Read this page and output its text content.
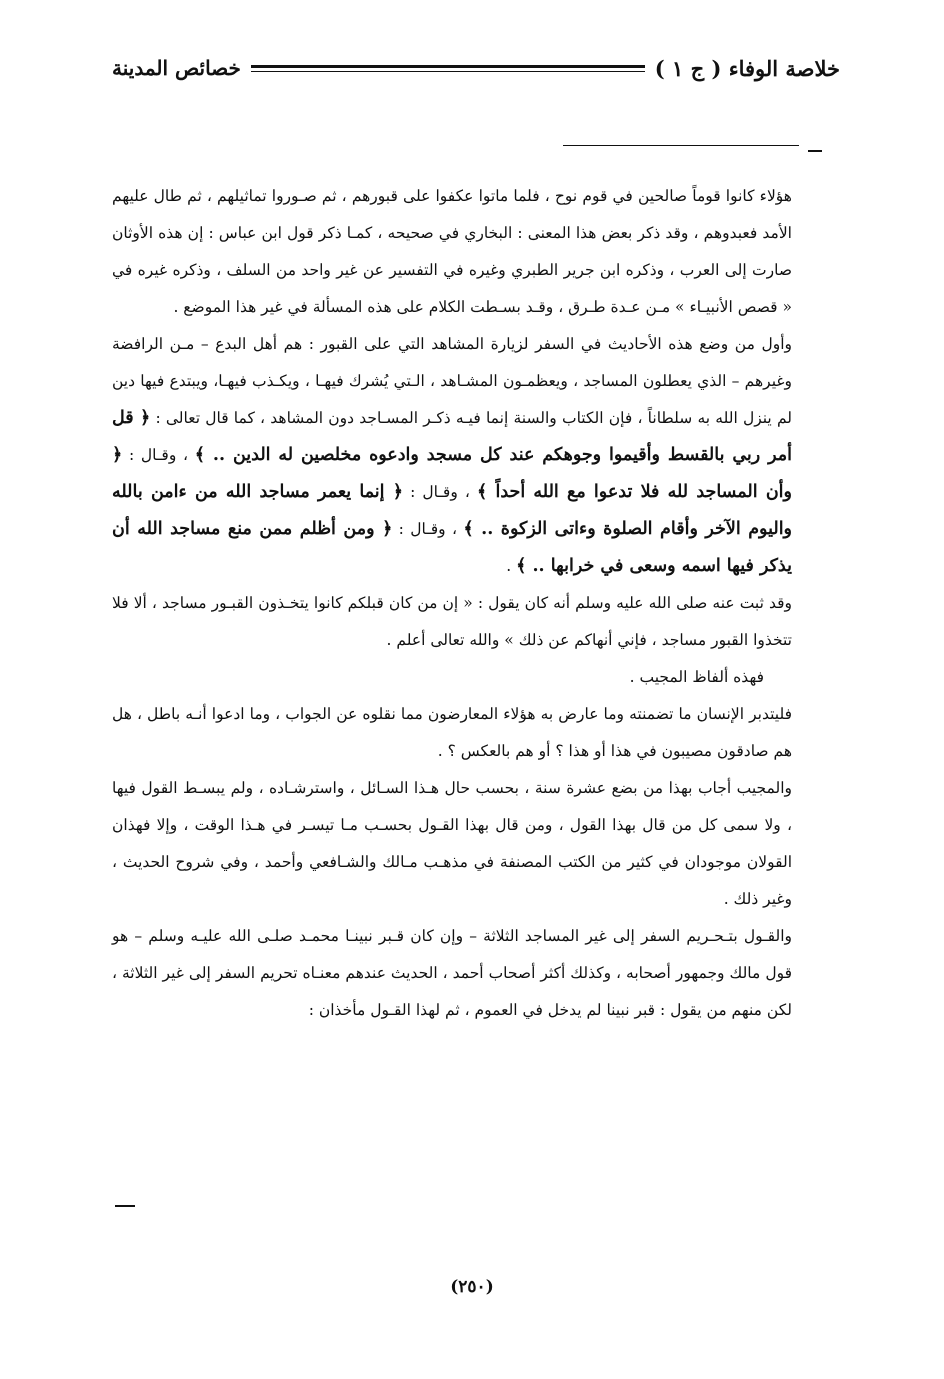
خلاصة الوفاء ( ج ١ )
خصائص المدينة

هؤلاء كانوا قوماً صالحين في قوم نوح ، فلما ماتوا عكفوا على قبورهم ، ثم صـوروا تماثيلهم ، ثم طال عليهم الأمد فعبدوهم ، وقد ذكر بعض هذا المعنى : البخاري في صحيحه ، كمـا ذكر قول ابن عباس : إن هذه الأوثان صارت إلى العرب ، وذكره ابن جرير الطبري وغيره في التفسير عن غير واحد من السلف ، وذكره غيره في « قصص الأنبيـاء » مـن عـدة طـرق ، وقـد بسـطت الكلام على هذه المسألة في غير هذا الموضع .

وأول من وضع هذه الأحاديث في السفر لزيارة المشاهد التي على القبور : هم أهل البدع – مـن الرافضة وغيرهم – الذي يعطلون المساجد ، ويعظمـون المشـاهد ، الـتي يُشرك فيهـا ، ويكـذب فيهـا، ويبتدع فيها دين لم ينزل الله به سلطاناً ، فإن الكتاب والسنة إنما فيـه ذكـر المسـاجد دون المشاهد ، كما قال تعالى : ﴿ قل أمر ربي بالقسط وأقيموا وجوهكم عند كل مسجد وادعوه مخلصين له الدين .. ﴾ ، وقـال : ﴿ وأن المساجد لله فلا تدعوا مع الله أحداً ﴾ ، وقـال : ﴿ إنما يعمر مساجد الله من ءامن بالله واليوم الآخر وأقام الصلوة وءاتى الزكوة .. ﴾ ، وقـال : ﴿ ومن أظلم ممن منع مساجد الله أن يذكر فيها اسمه وسعى في خرابها .. ﴾ .

وقد ثبت عنه صلى الله عليه وسلم أنه كان يقول : « إن من كان قبلكم كانوا يتخـذون القبـور مساجد ، ألا فلا تتخذوا القبور مساجد ، فإني أنهاكم عن ذلك » والله تعالى أعلم .

فهذه ألفاظ المجيب .

فليتدبر الإنسان ما تضمنته وما عارض به هؤلاء المعارضون مما نقلوه عن الجواب ، وما ادعوا أنـه باطل ، هل هم صادقون مصيبون في هذا أو هذا ؟ أو هم بالعكس ؟ .

والمجيب أجاب بهذا من بضع عشرة سنة ، بحسب حال هـذا السـائل ، واسترشـاده ، ولم يبسـط القول فيها ، ولا سمى كل من قال بهذا القول ، ومن قال بهذا القـول بحسـب مـا تيسـر في هـذا الوقت ، وإلا فهذان القولان موجودان في كثير من الكتب المصنفة في مذهـب مـالك والشـافعي وأحمد ، وفي شروح الحديث ، وغير ذلك .

والقـول بتـحـريم السفر إلى غير المساجد الثلاثة – وإن كان قـبر نبينـا محمـد صلـى الله عليـه وسلم – هو قول مالك وجمهور أصحابه ، وكذلك أكثر أصحاب أحمد ، الحديث عندهم معنـاه تحريم السفر إلى غير الثلاثة ، لكن منهم من يقول : قبر نبينا لم يدخل في العموم ، ثم لهذا القـول مأخذان :

(٢٥٠)
